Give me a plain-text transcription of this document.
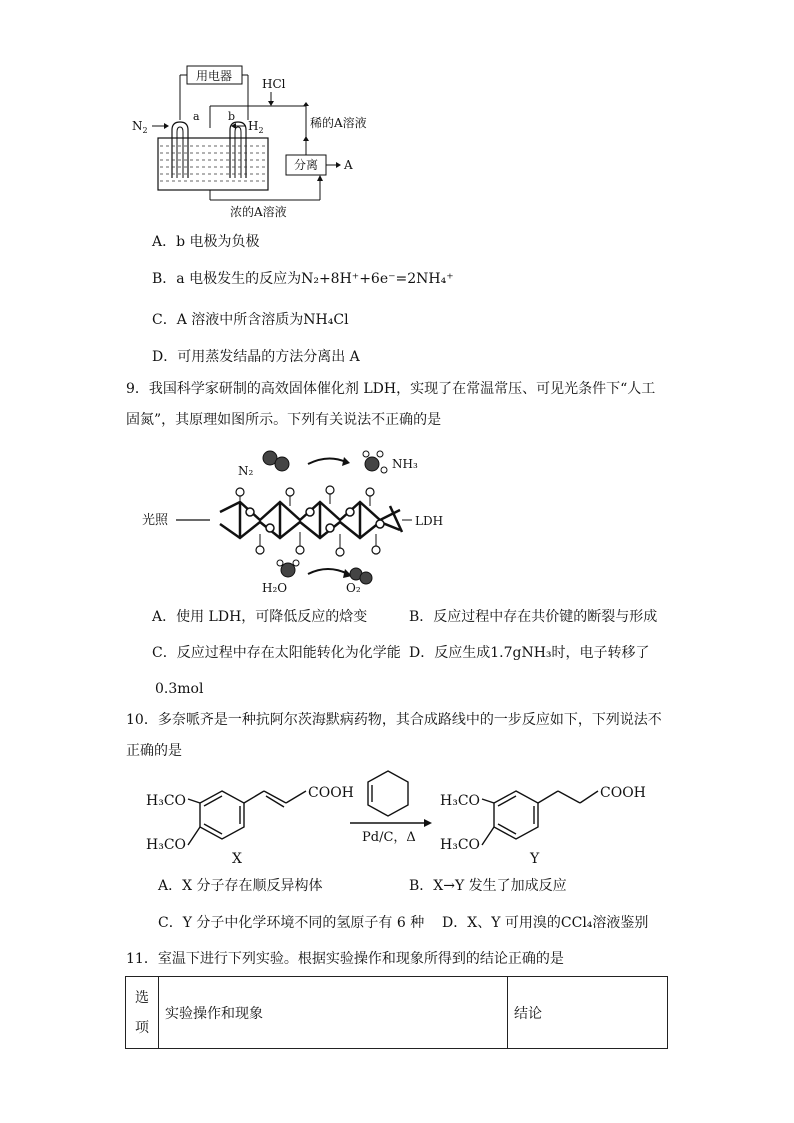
用电器
HCl
稀的A溶液
$N_2$	$H_2$
a	b
分离 A
浓的A溶液
A．b 电极为负极
B．a 电极发生的反应为N₂+8H⁺+6e⁻=2NH₄⁺
C．A 溶液中所含溶质为NH₄Cl
D．可用蒸发结晶的方法分离出 A
9．我国科学家研制的高效固体催化剂 LDH，实现了在常温常压、可见光条件下“人工
固氮”，其原理如图所示。下列有关说法不正确的是
N₂	NH₃
光照	LDH
H₂O	O₂
A．使用 LDH，可降低反应的焓变	B．反应过程中存在共价键的断裂与形成
C．反应过程中存在太阳能转化为化学能 D．反应生成1.7gNH₃时，电子转移了
0.3mol
10．多奈哌齐是一种抗阿尔茨海默病药物，其合成路线中的一步反应如下，下列说法不
正确的是
H₃CO
H₃CO
COOH
X
Pd/C，Δ
H₃CO
H₃CO
COOH
Y
A．X 分子存在顺反异构体	B．X→Y 发生了加成反应
C．Y 分子中化学环境不同的氢原子有 6 种 D．X、Y 可用溴的CCl₄溶液鉴别
11．室温下进行下列实验。根据实验操作和现象所得到的结论正确的是
选
项
	实验操作和现象	结论
